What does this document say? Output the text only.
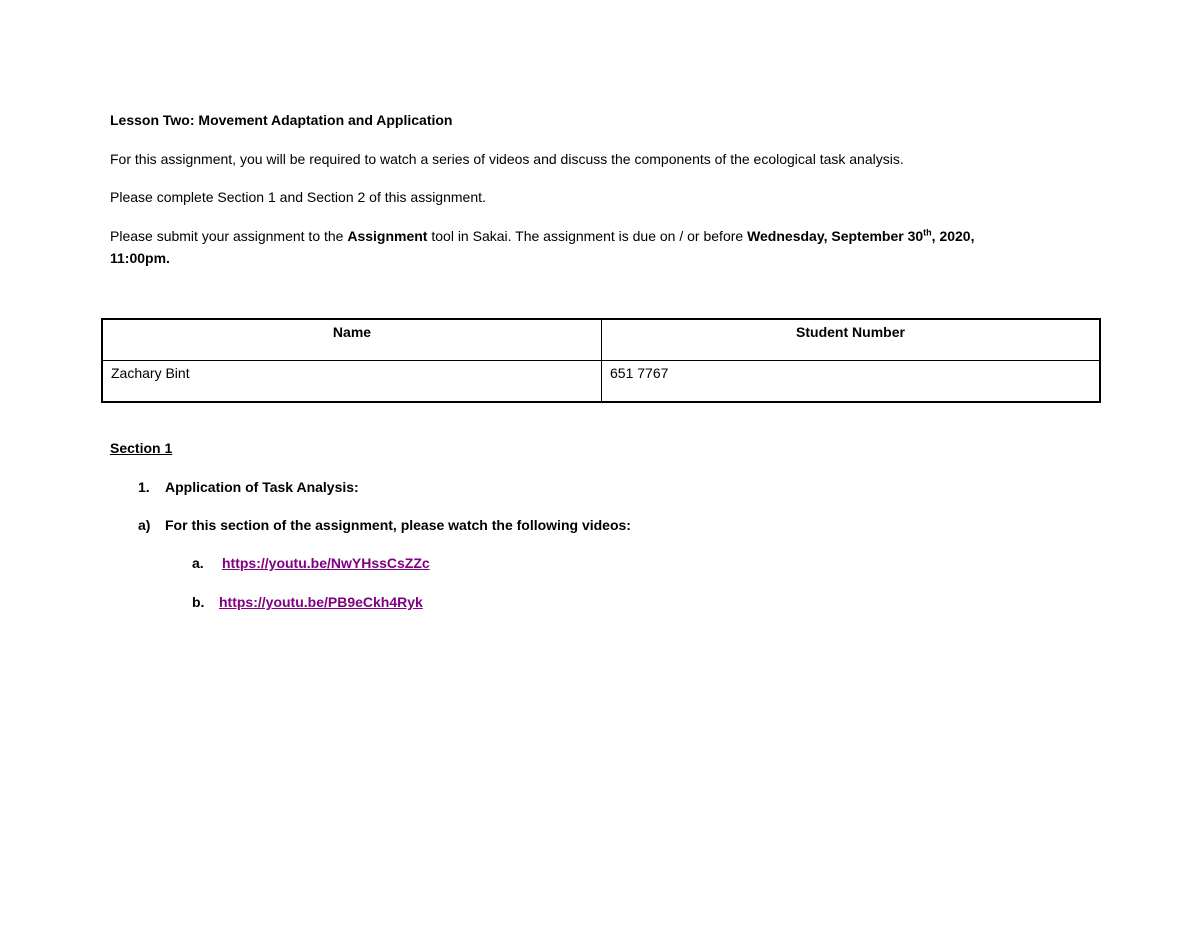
Lesson Two: Movement Adaptation and Application
For this assignment, you will be required to watch a series of videos and discuss the components of the ecological task analysis.
Please complete Section 1 and Section 2 of this assignment.
Please submit your assignment to the Assignment tool in Sakai. The assignment is due on / or before Wednesday, September 30th, 2020,
11:00pm.
Name	Student Number
Zachary Bint	651 7767
Section 1
1. Application of Task Analysis:
a) For this section of the assignment, please watch the following videos:
a. https://youtu.be/NwYHssCsZZc
b. https://youtu.be/PB9eCkh4Ryk
